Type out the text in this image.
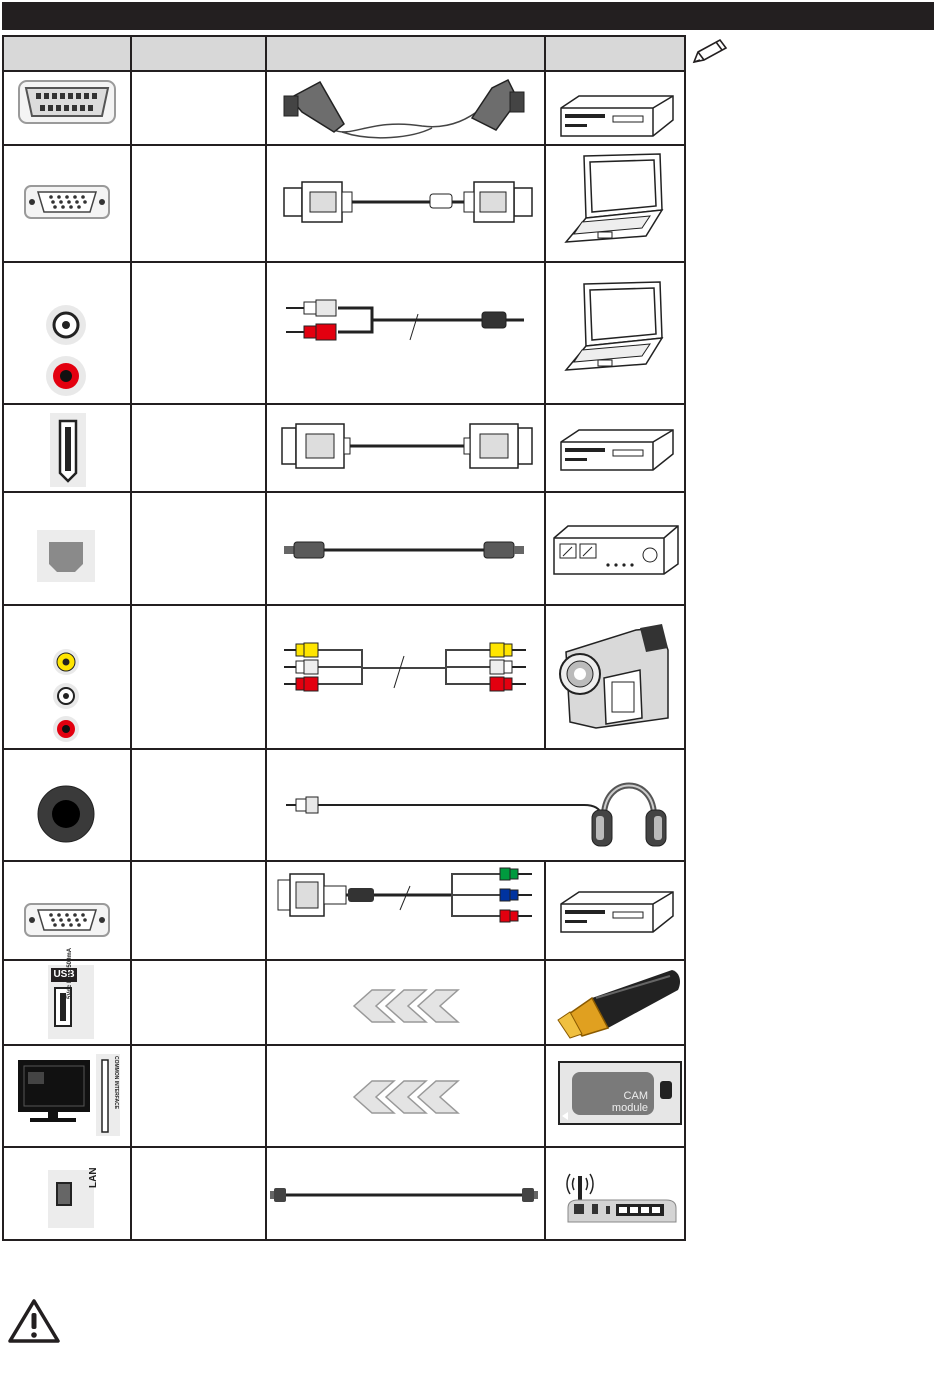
USB
5Vdc Max: 500mA
COMMON INTERFACE	CAM
module
LAN
